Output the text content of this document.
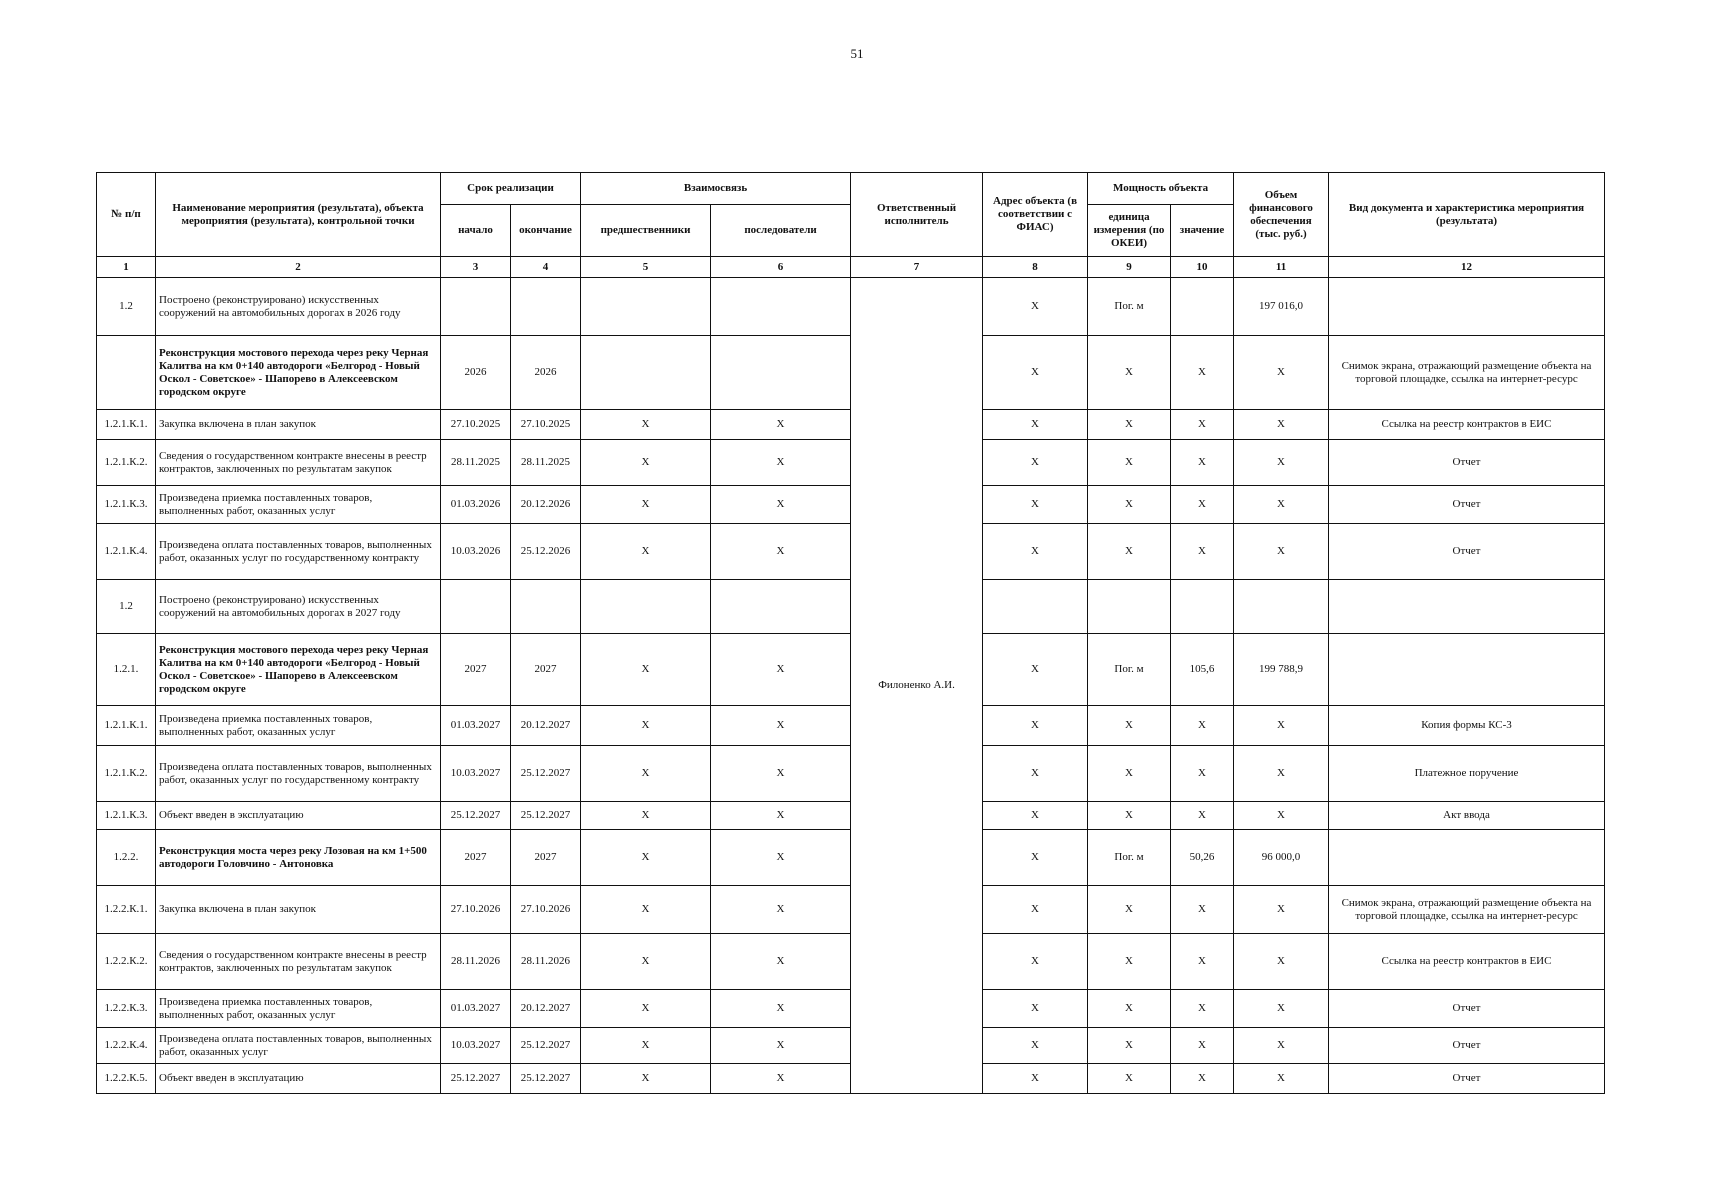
51
№ п/п	Наименование мероприятия (результата), объекта мероприятия (результата), контрольной точки	Срок реализации		Взаимосвязь		Ответственный исполнитель	Адрес объекта (в соответствии с ФИАС)	Мощность объекта		Объем финансового обеспечения (тыс. руб.)	Вид документа и характеристика мероприятия (результата)
		начало	окончание	предшественники	последователи			единица измерения (по ОКЕИ)	значение		
1	2	3	4	5	6	7	8	9	10	11	12
1.2	Построено (реконструировано) искусственных сооружений на автомобильных дорогах в 2026 году					Филоненко А.И.	X	Пог. м		197 016,0	
	Реконструкция мостового перехода через реку Черная Калитва на км 0+140 автодороги «Белгород - Новый Оскол - Советское» - Шапорево в Алексеевском городском округе	2026	2026				X	X	X	X	Снимок экрана, отражающий размещение объекта на торговой площадке, ссылка на интернет-ресурс
1.2.1.К.1.	Закупка включена в план закупок	27.10.2025	27.10.2025	X	X		X	X	X	X	Ссылка на реестр контрактов в ЕИС
1.2.1.К.2.	Сведения о государственном контракте внесены в реестр контрактов, заключенных по результатам закупок	28.11.2025	28.11.2025	X	X		X	X	X	X	Отчет
1.2.1.К.3.	Произведена приемка поставленных товаров, выполненных работ, оказанных услуг	01.03.2026	20.12.2026	X	X		X	X	X	X	Отчет
1.2.1.К.4.	Произведена оплата поставленных товаров, выполненных работ, оказанных услуг по государственному контракту	10.03.2026	25.12.2026	X	X		X	X	X	X	Отчет
1.2	Построено (реконструировано) искусственных сооружений на автомобильных дорогах в 2027 году										
1.2.1.	Реконструкция мостового перехода через реку Черная Калитва на км 0+140 автодороги «Белгород - Новый Оскол - Советское» - Шапорево в Алексеевском городском округе	2027	2027	X	X		X	Пог. м	105,6	199 788,9	
1.2.1.К.1.	Произведена приемка поставленных товаров, выполненных работ, оказанных услуг	01.03.2027	20.12.2027	X	X		X	X	X	X	Копия формы КС-3
1.2.1.К.2.	Произведена оплата поставленных товаров, выполненных работ, оказанных услуг по государственному контракту	10.03.2027	25.12.2027	X	X		X	X	X	X	Платежное поручение
1.2.1.К.3.	Объект введен в эксплуатацию	25.12.2027	25.12.2027	X	X		X	X	X	X	Акт ввода
1.2.2.	Реконструкция моста через реку Лозовая на км 1+500 автодороги Головчино - Антоновка	2027	2027	X	X		X	Пог. м	50,26	96 000,0	
1.2.2.К.1.	Закупка включена в план закупок	27.10.2026	27.10.2026	X	X		X	X	X	X	Снимок экрана, отражающий размещение объекта на торговой площадке, ссылка на интернет-ресурс
1.2.2.К.2.	Сведения о государственном контракте внесены в реестр контрактов, заключенных по результатам закупок	28.11.2026	28.11.2026	X	X		X	X	X	X	Ссылка на реестр контрактов в ЕИС
1.2.2.К.3.	Произведена приемка поставленных товаров, выполненных работ, оказанных услуг	01.03.2027	20.12.2027	X	X		X	X	X	X	Отчет
1.2.2.К.4.	Произведена оплата поставленных товаров, выполненных работ, оказанных услуг	10.03.2027	25.12.2027	X	X		X	X	X	X	Отчет
1.2.2.К.5.	Объект введен в эксплуатацию	25.12.2027	25.12.2027	X	X		X	X	X	X	Отчет
